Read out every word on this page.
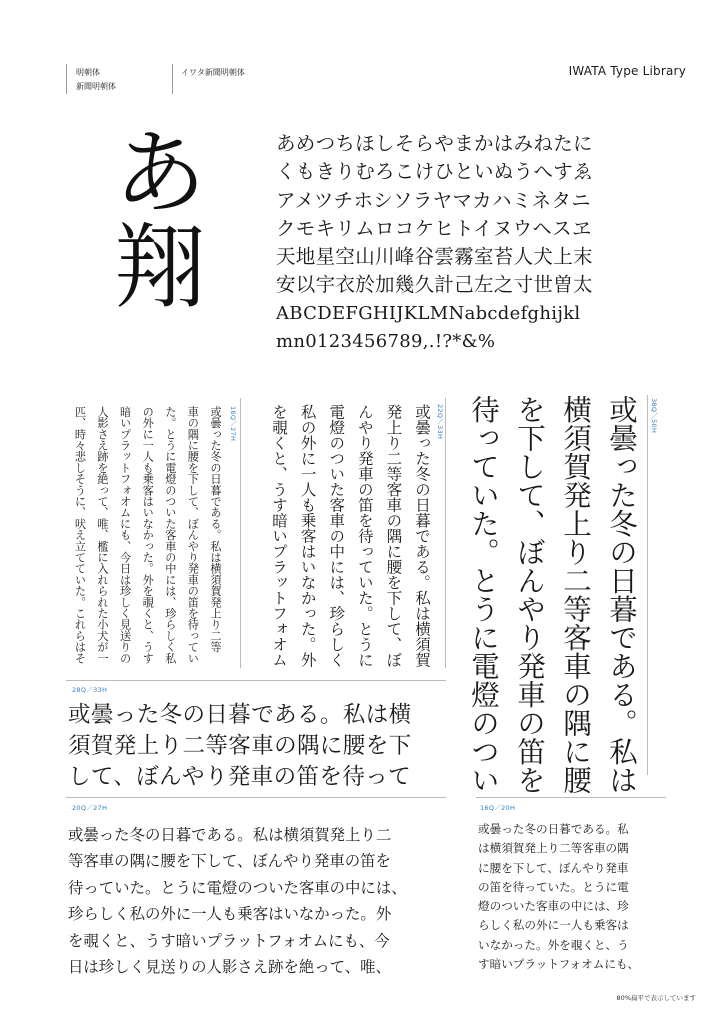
明朝体
新聞明朝体
イワタ新聞明朝体	IWATA Type Library
あ
翔
あめつちほしそらやまかはみねたに
くもきりむろこけひといぬうへすゑ
アメツチホシソラヤマカハミネタニ
クモキリムロコケヒトイヌウヘスヱ
天地星空山川峰谷雲霧室苔人犬上末
安以宇衣於加幾久計己左之寸世曽太
ABCDEFGHIJKLMNabcdefghijkl
mn0123456789,.!?*&%
38Q／50H
或曇った冬の日暮である。私は
横須賀発上り二等客車の隅に腰
を下して、ぼんやり発車の笛を
待っていた。とうに電燈のつい
22Q／33H
或曇った冬の日暮である。私は横須賀
発上り二等客車の隅に腰を下して、ぼ
んやり発車の笛を待っていた。とうに
電燈のついた客車の中には、珍らしく
私の外に一人も乗客はいなかった。外
を覗くと、うす暗いプラットフォオム
16Q／27H
或曇った冬の日暮である。私は横須賀発上り二等
車の隅に腰を下して、ぼんやり発車の笛を待ってい
た。とうに電燈のついた客車の中には、珍らしく私
の外に一人も乗客はいなかった。外を覗くと、うす
暗いプラットフォオムにも、今日は珍しく見送りの
人影さえ跡を絶って、唯、檻に入れられた小犬が一
匹、時々悲しそうに、吠え立てていた。これらはそ
28Q／33H
或曇った冬の日暮である。私は横
須賀発上り二等客車の隅に腰を下
して、ぼんやり発車の笛を待って
20Q／27H
或曇った冬の日暮である。私は横須賀発上り二
等客車の隅に腰を下して、ぼんやり発車の笛を
待っていた。とうに電燈のついた客車の中には、
珍らしく私の外に一人も乗客はいなかった。外
を覗くと、うす暗いプラットフォオムにも、今
日は珍しく見送りの人影さえ跡を絶って、唯、
16Q／20H
或曇った冬の日暮である。私
は横須賀発上り二等客車の隅
に腰を下して、ぼんやり発車
の笛を待っていた。とうに電
燈のついた客車の中には、珍
らしく私の外に一人も乗客は
いなかった。外を覗くと、う
す暗いプラットフォオムにも、
80%扁平で表示しています
